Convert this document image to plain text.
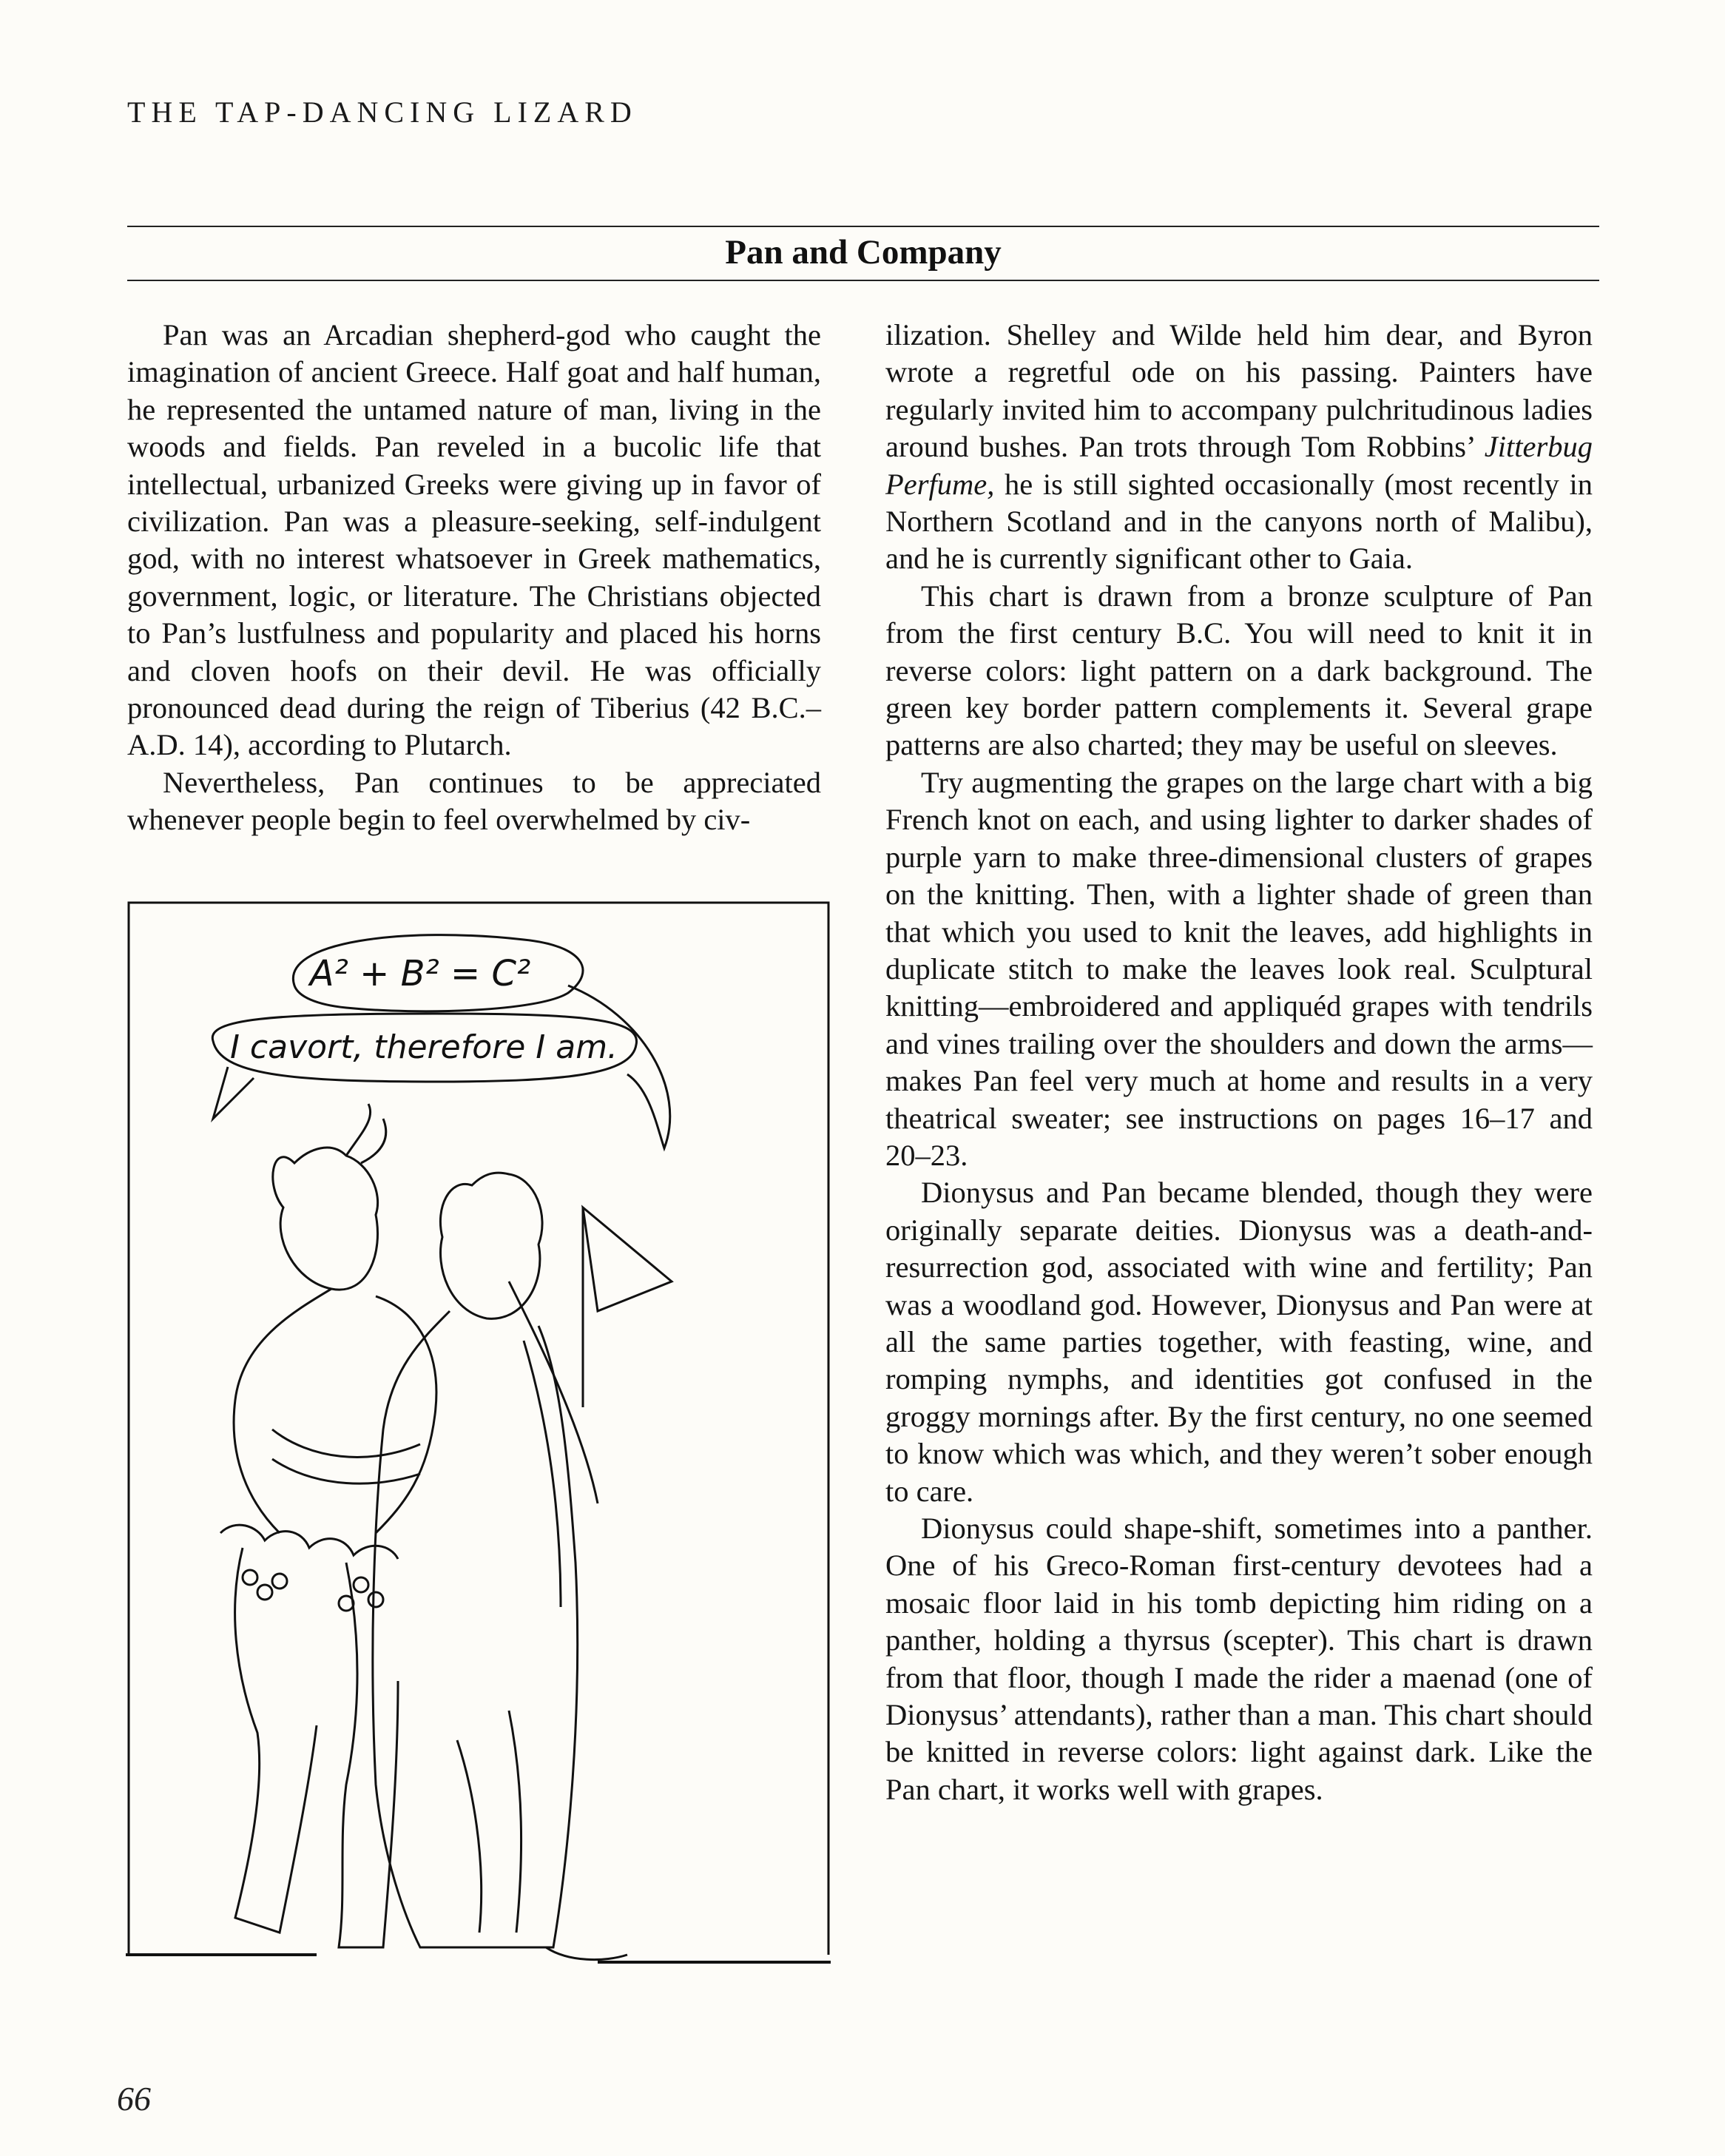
THE TAP-DANCING LIZARD
Pan and Company

Pan was an Arcadian shepherd-god who caught the imagination of ancient Greece. Half goat and half human, he represented the untamed nature of man, living in the woods and fields. Pan reveled in a bucolic life that intellectual, urbanized Greeks were giving up in favor of civilization. Pan was a pleasure-seeking, self-indulgent god, with no interest whatsoever in Greek mathematics, government, logic, or literature. The Christians objected to Pan’s lustfulness and popularity and placed his horns and cloven hoofs on their devil. He was officially pronounced dead during the reign of Tiberius (42 B.C.–A.D. 14), according to Plutarch.

Nevertheless, Pan continues to be appreciated whenever people begin to feel overwhelmed by civ-

A² + B² = C²
I cavort, therefore I am.

ilization. Shelley and Wilde held him dear, and Byron wrote a regretful ode on his passing. Painters have regularly invited him to accompany pulchritudinous ladies around bushes. Pan trots through Tom Robbins’ Jitterbug Perfume, he is still sighted occasionally (most recently in Northern Scotland and in the canyons north of Malibu), and he is currently significant other to Gaia.

This chart is drawn from a bronze sculpture of Pan from the first century B.C. You will need to knit it in reverse colors: light pattern on a dark background. The green key border pattern complements it. Several grape patterns are also charted; they may be useful on sleeves.

Try augmenting the grapes on the large chart with a big French knot on each, and using lighter to darker shades of purple yarn to make three-dimensional clusters of grapes on the knitting. Then, with a lighter shade of green than that which you used to knit the leaves, add highlights in duplicate stitch to make the leaves look real. Sculptural knitting—embroidered and appliquéd grapes with tendrils and vines trailing over the shoulders and down the arms—makes Pan feel very much at home and results in a very theatrical sweater; see instructions on pages 16–17 and 20–23.

Dionysus and Pan became blended, though they were originally separate deities. Dionysus was a death-and-resurrection god, associated with wine and fertility; Pan was a woodland god. However, Dionysus and Pan were at all the same parties together, with feasting, wine, and romping nymphs, and identities got confused in the groggy mornings after. By the first century, no one seemed to know which was which, and they weren’t sober enough to care.

Dionysus could shape-shift, sometimes into a panther. One of his Greco-Roman first-century devotees had a mosaic floor laid in his tomb depicting him riding on a panther, holding a thyrsus (scepter). This chart is drawn from that floor, though I made the rider a maenad (one of Dionysus’ attendants), rather than a man. This chart should be knitted in reverse colors: light against dark. Like the Pan chart, it works well with grapes.

66
